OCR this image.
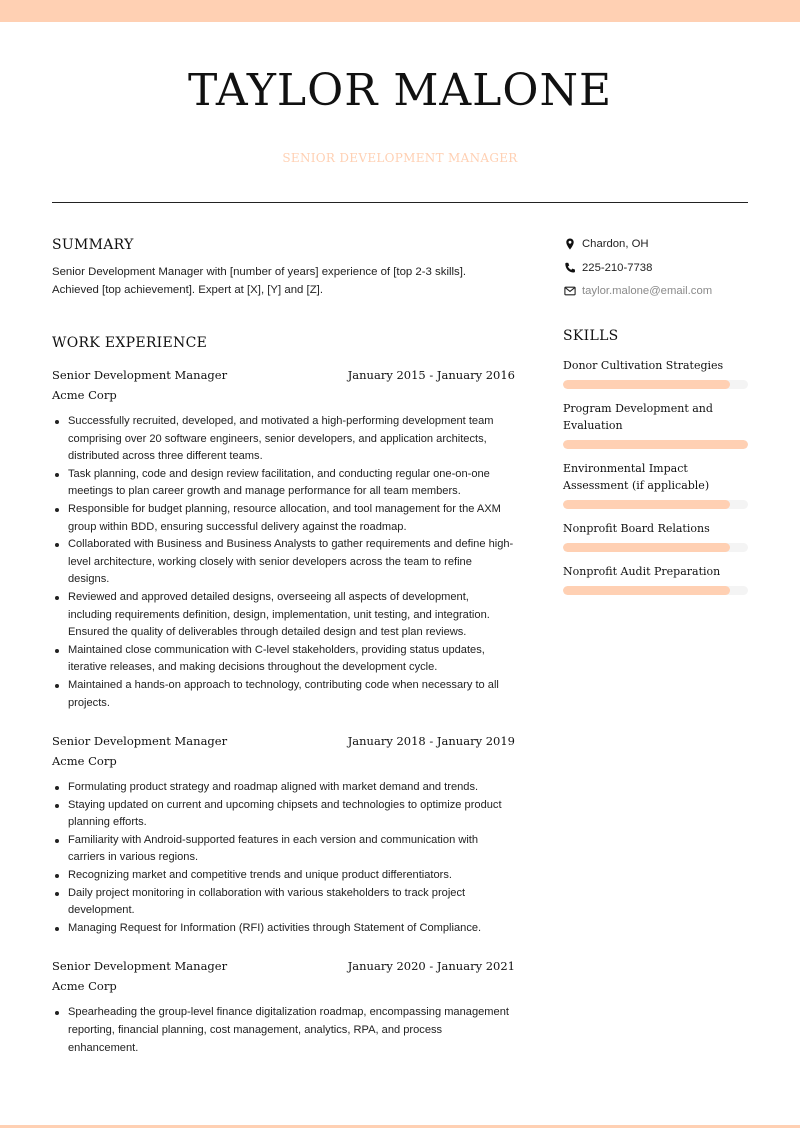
TAYLOR MALONE
SENIOR DEVELOPMENT MANAGER
SUMMARY

Senior Development Manager with [number of years] experience of [top 2-3 skills]. Achieved [top achievement]. Expert at [X], [Y] and [Z].

WORK EXPERIENCE
Senior Development Manager	January 2015 - January 2016
Acme Corp
Successfully recruited, developed, and motivated a high-performing development team comprising over 20 software engineers, senior developers, and application architects, distributed across three different teams.
Task planning, code and design review facilitation, and conducting regular one-on-one meetings to plan career growth and manage performance for all team members.
Responsible for budget planning, resource allocation, and tool management for the AXM group within BDD, ensuring successful delivery against the roadmap.
Collaborated with Business and Business Analysts to gather requirements and define high-level architecture, working closely with senior developers across the team to refine designs.
Reviewed and approved detailed designs, overseeing all aspects of development, including requirements definition, design, implementation, unit testing, and integration. Ensured the quality of deliverables through detailed design and test plan reviews.
Maintained close communication with C-level stakeholders, providing status updates, iterative releases, and making decisions throughout the development cycle.
Maintained a hands-on approach to technology, contributing code when necessary to all projects.
Senior Development Manager	January 2018 - January 2019
Acme Corp
Formulating product strategy and roadmap aligned with market demand and trends.
Staying updated on current and upcoming chipsets and technologies to optimize product planning efforts.
Familiarity with Android-supported features in each version and communication with carriers in various regions.
Recognizing market and competitive trends and unique product differentiators.
Daily project monitoring in collaboration with various stakeholders to track project development.
Managing Request for Information (RFI) activities through Statement of Compliance.
Senior Development Manager	January 2020 - January 2021
Acme Corp
Spearheading the group-level finance digitalization roadmap, encompassing management reporting, financial planning, cost management, analytics, RPA, and process enhancement.
Chardon, OH
225-210-7738
taylor.malone@email.com
SKILLS
Donor Cultivation Strategies
Program Development and Evaluation
Environmental Impact Assessment (if applicable)
Nonprofit Board Relations
Nonprofit Audit Preparation
